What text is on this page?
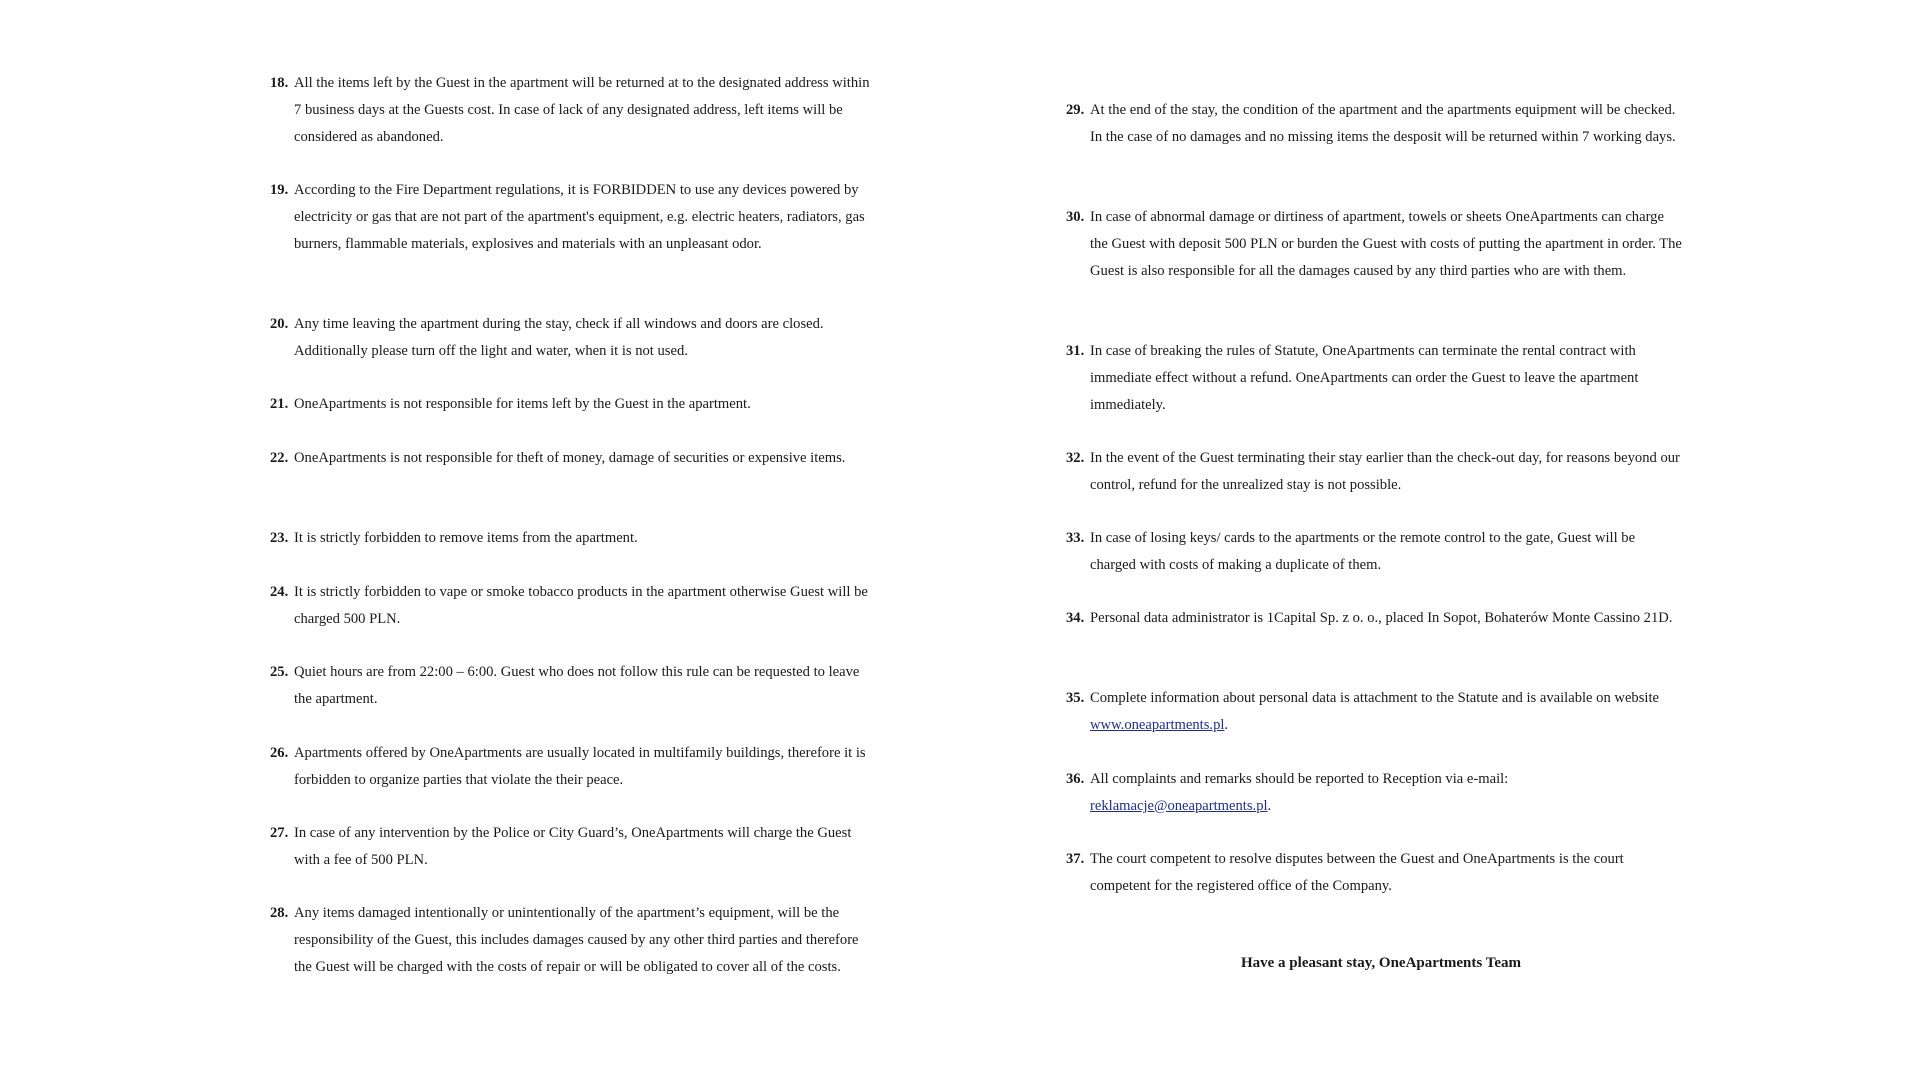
18. All the items left by the Guest in the apartment will be returned at to the designated address within 7 business days at the Guests cost. In case of lack of any designated address, left items will be considered as abandoned.
19. According to the Fire Department regulations, it is FORBIDDEN to use any devices powered by electricity or gas that are not part of the apartment's equipment, e.g. electric heaters, radiators, gas burners, flammable materials, explosives and materials with an unpleasant odor.
20. Any time leaving the apartment during the stay, check if all windows and doors are closed. Additionally please turn off the light and water, when it is not used.
21. OneApartments is not responsible for items left by the Guest in the apartment.
22. OneApartments is not responsible for theft of money, damage of securities or expensive items.
23. It is strictly forbidden to remove items from the apartment.
24. It is strictly forbidden to vape or smoke tobacco products in the apartment otherwise Guest will be charged 500 PLN.
25. Quiet hours are from 22:00 – 6:00. Guest who does not follow this rule can be requested to leave the apartment.
26. Apartments offered by OneApartments are usually located in multifamily buildings, therefore it is forbidden to organize parties that violate the their peace.
27. In case of any intervention by the Police or City Guard’s, OneApartments will charge the Guest with a fee of 500 PLN.
28. Any items damaged intentionally or unintentionally of the apartment’s equipment, will be the responsibility of the Guest, this includes damages caused by any other third parties and therefore the Guest will be charged with the costs of repair or will be obligated to cover all of the costs.
29. At the end of the stay, the condition of the apartment and the apartments equipment will be checked. In the case of no damages and no missing items the desposit will be returned within 7 working days.
30. In case of abnormal damage or dirtiness of apartment, towels or sheets OneApartments can charge the Guest with deposit 500 PLN or burden the Guest with costs of putting the apartment in order. The Guest is also responsible for all the damages caused by any third parties who are with them.
31. In case of breaking the rules of Statute, OneApartments can terminate the rental contract with immediate effect without a refund. OneApartments can order the Guest to leave the apartment immediately.
32. In the event of the Guest terminating their stay earlier than the check-out day, for reasons beyond our control, refund for the unrealized stay is not possible.
33. In case of losing keys/ cards to the apartments or the remote control to the gate, Guest will be charged with costs of making a duplicate of them.
34. Personal data administrator is 1Capital Sp. z o. o., placed In Sopot, Bohaterów Monte Cassino 21D.
35. Complete information about personal data is attachment to the Statute and is available on website www.oneapartments.pl.
36. All complaints and remarks should be reported to Reception via e-mail:
reklamacje@oneapartments.pl.
37. The court competent to resolve disputes between the Guest and OneApartments is the court competent for the registered office of the Company.
Have a pleasant stay, OneApartments Team
